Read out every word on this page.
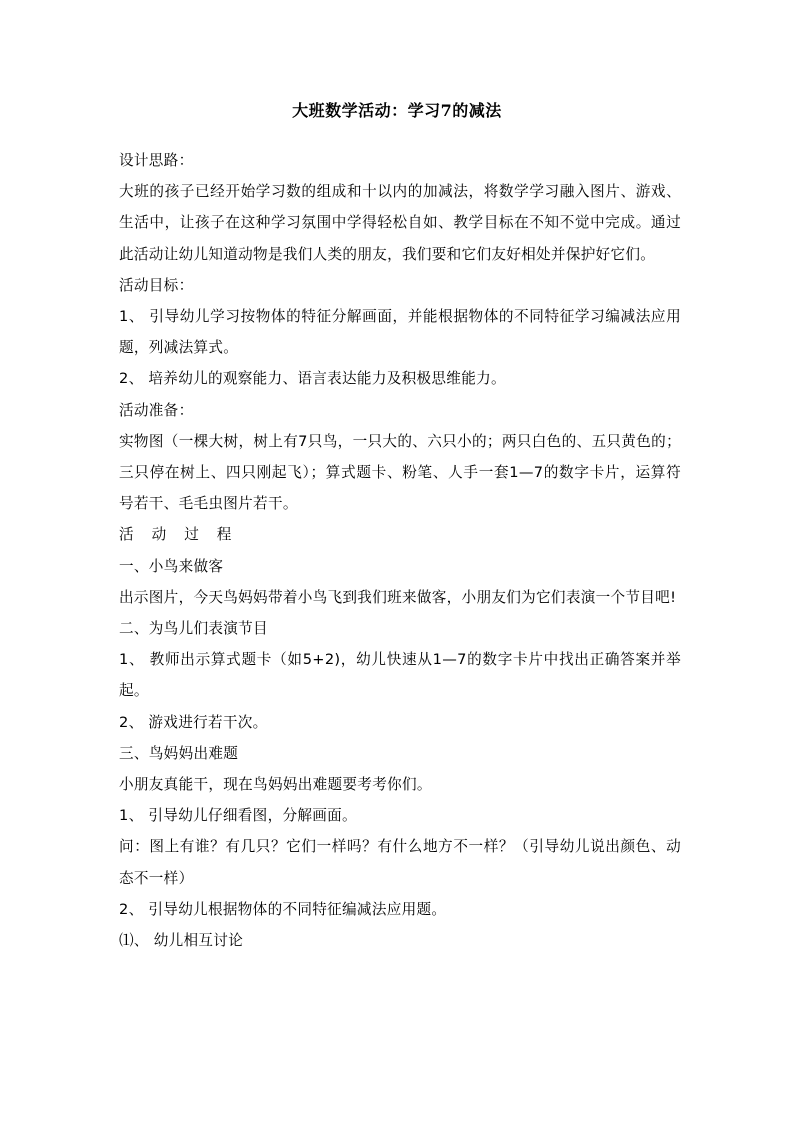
大班数学活动：学习7的减法

设计思路：

大班的孩子已经开始学习数的组成和十以内的加减法，将数学学习融入图片、游戏、生活中，让孩子在这种学习氛围中学得轻松自如、教学目标在不知不觉中完成。通过此活动让幼儿知道动物是我们人类的朋友，我们要和它们友好相处并保护好它们。

活动目标：

1、 引导幼儿学习按物体的特征分解画面，并能根据物体的不同特征学习编减法应用题，列减法算式。

2、 培养幼儿的观察能力、语言表达能力及积极思维能力。

活动准备：

实物图（一棵大树，树上有7只鸟，一只大的、六只小的；两只白色的、五只黄色的；三只停在树上、四只刚起飞）；算式题卡、粉笔、人手一套1—7的数字卡片，运算符号若干、毛毛虫图片若干。

活动过程

一、小鸟来做客

出示图片，今天鸟妈妈带着小鸟飞到我们班来做客，小朋友们为它们表演一个节目吧!

二、为鸟儿们表演节目

1、 教师出示算式题卡（如5+2)，幼儿快速从1—7的数字卡片中找出正确答案并举起。

2、 游戏进行若干次。

三、鸟妈妈出难题

小朋友真能干，现在鸟妈妈出难题要考考你们。

1、 引导幼儿仔细看图，分解画面。

问：图上有谁？有几只？它们一样吗？有什么地方不一样？（引导幼儿说出颜色、动态不一样）

2、 引导幼儿根据物体的不同特征编减法应用题。

⑴、 幼儿相互讨论
